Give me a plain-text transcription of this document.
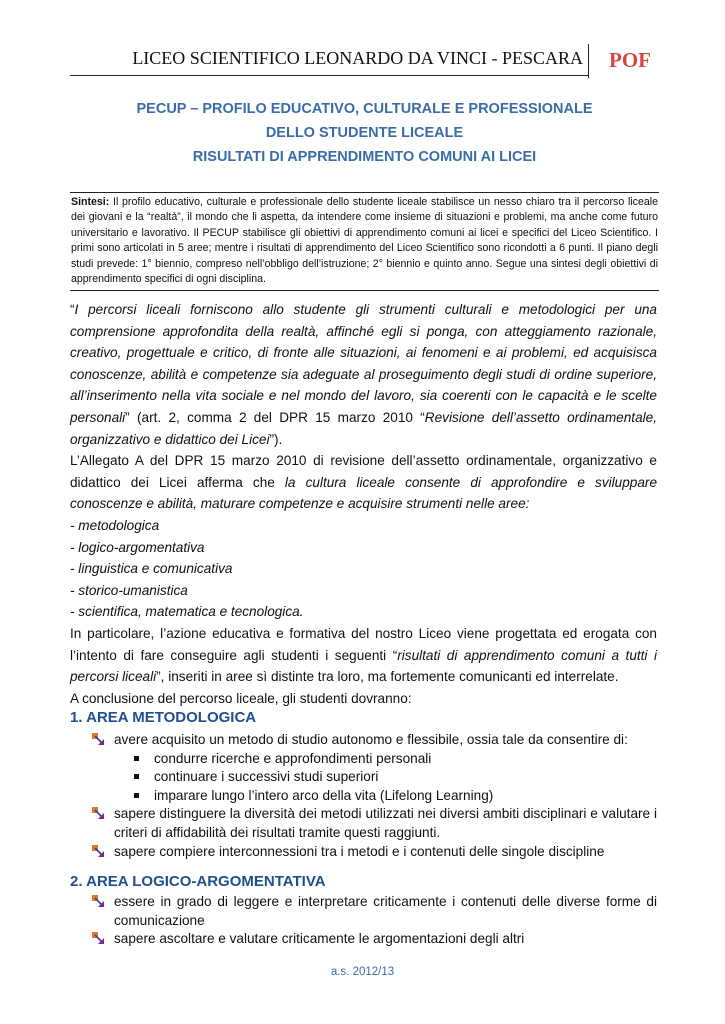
LICEO SCIENTIFICO LEONARDO DA VINCI - PESCARA POF
PECUP – PROFILO EDUCATIVO, CULTURALE E PROFESSIONALE
DELLO STUDENTE LICEALE
RISULTATI DI APPRENDIMENTO COMUNI AI LICEI
Sintesi: Il profilo educativo, culturale e professionale dello studente liceale stabilisce un nesso chiaro tra il percorso liceale dei giovani e la “realtà”, il mondo che li aspetta, da intendere come insieme di situazioni e problemi, ma anche come futuro universitario e lavorativo. Il PECUP stabilisce gli obiettivi di apprendimento comuni ai licei e specifici del Liceo Scientifico. I primi sono articolati in 5 aree; mentre i risultati di apprendimento del Liceo Scientifico sono ricondotti a 6 punti. Il piano degli studi prevede: 1° biennio, compreso nell’obbligo dell’istruzione; 2° biennio e quinto anno. Segue una sintesi degli obiettivi di apprendimento specifici di ogni disciplina.

“I percorsi liceali forniscono allo studente gli strumenti culturali e metodologici per una comprensione approfondita della realtà, affinché egli si ponga, con atteggiamento razionale, creativo, progettuale e critico, di fronte alle situazioni, ai fenomeni e ai problemi, ed acquisisca conoscenze, abilità e competenze sia adeguate al proseguimento degli studi di ordine superiore, all’inserimento nella vita sociale e nel mondo del lavoro, sia coerenti con le capacità e le scelte personali” (art. 2, comma 2 del DPR 15 marzo 2010 “Revisione dell’assetto ordinamentale, organizzativo e didattico dei Licei”).

L’Allegato A del DPR 15 marzo 2010 di revisione dell’assetto ordinamentale, organizzativo e didattico dei Licei afferma che la cultura liceale consente di approfondire e sviluppare conoscenze e abilità, maturare competenze e acquisire strumenti nelle aree:

- metodologica

- logico-argomentativa

- linguistica e comunicativa

- storico-umanistica

- scientifica, matematica e tecnologica.

In particolare, l’azione educativa e formativa del nostro Liceo viene progettata ed erogata con l’intento di fare conseguire agli studenti i seguenti “risultati di apprendimento comuni a tutti i percorsi liceali”, inseriti in aree sì distinte tra loro, ma fortemente comunicanti ed interrelate.

A conclusione del percorso liceale, gli studenti dovranno:

1. AREA METODOLOGICA
avere acquisito un metodo di studio autonomo e flessibile, ossia tale da consentire di:
condurre ricerche e approfondimenti personali
continuare i successivi studi superiori
imparare lungo l’intero arco della vita (Lifelong Learning)
sapere distinguere la diversità dei metodi utilizzati nei diversi ambiti disciplinari e valutare i criteri di affidabilità dei risultati tramite questi raggiunti.
sapere compiere interconnessioni tra i metodi e i contenuti delle singole discipline
2. AREA LOGICO-ARGOMENTATIVA
essere in grado di leggere e interpretare criticamente i contenuti delle diverse forme di comunicazione
sapere ascoltare e valutare criticamente le argomentazioni degli altri
a.s. 2012/13
